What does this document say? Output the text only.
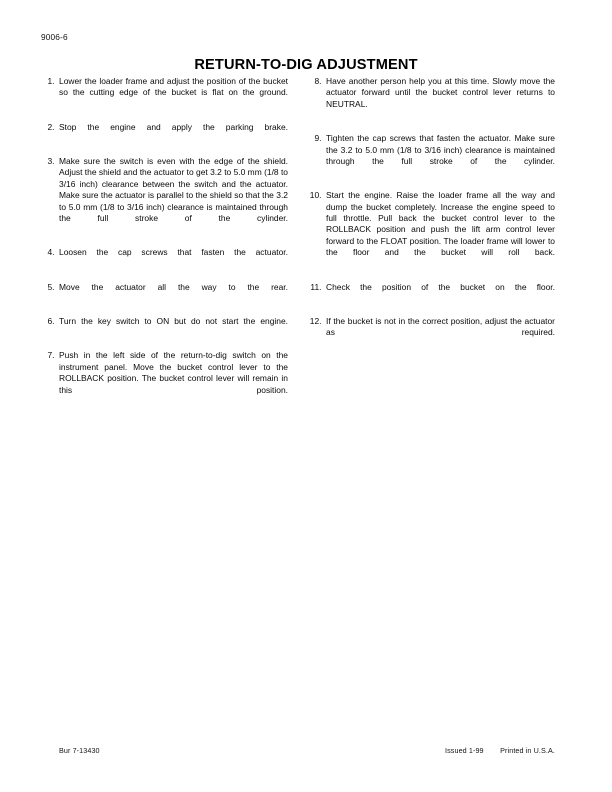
9006-6
RETURN-TO-DIG ADJUSTMENT
1. Lower the loader frame and adjust the position of the bucket so the cutting edge of the bucket is flat on the ground.
2. Stop the engine and apply the parking brake.
3. Make sure the switch is even with the edge of the shield. Adjust the shield and the actuator to get 3.2 to 5.0 mm (1/8 to 3/16 inch) clearance between the switch and the actuator. Make sure the actuator is parallel to the shield so that the 3.2 to 5.0 mm (1/8 to 3/16 inch) clearance is maintained through the full stroke of the cylinder.
4. Loosen the cap screws that fasten the actuator.
5. Move the actuator all the way to the rear.
6. Turn the key switch to ON but do not start the engine.
7. Push in the left side of the return-to-dig switch on the instrument panel. Move the bucket control lever to the ROLLBACK position. The bucket control lever will remain in this position.
8. Have another person help you at this time. Slowly move the actuator forward until the bucket control lever returns to NEUTRAL.
9. Tighten the cap screws that fasten the actuator. Make sure the 3.2 to 5.0 mm (1/8 to 3/16 inch) clearance is maintained through the full stroke of the cylinder.
10. Start the engine. Raise the loader frame all the way and dump the bucket completely. Increase the engine speed to full throttle. Pull back the bucket control lever to the ROLLBACK position and push the lift arm control lever forward to the FLOAT position. The loader frame will lower to the floor and the bucket will roll back.
11. Check the position of the bucket on the floor.
12. If the bucket is not in the correct position, adjust the actuator as required.
Bur 7-13430	Issued 1-99 Printed in U.S.A.
